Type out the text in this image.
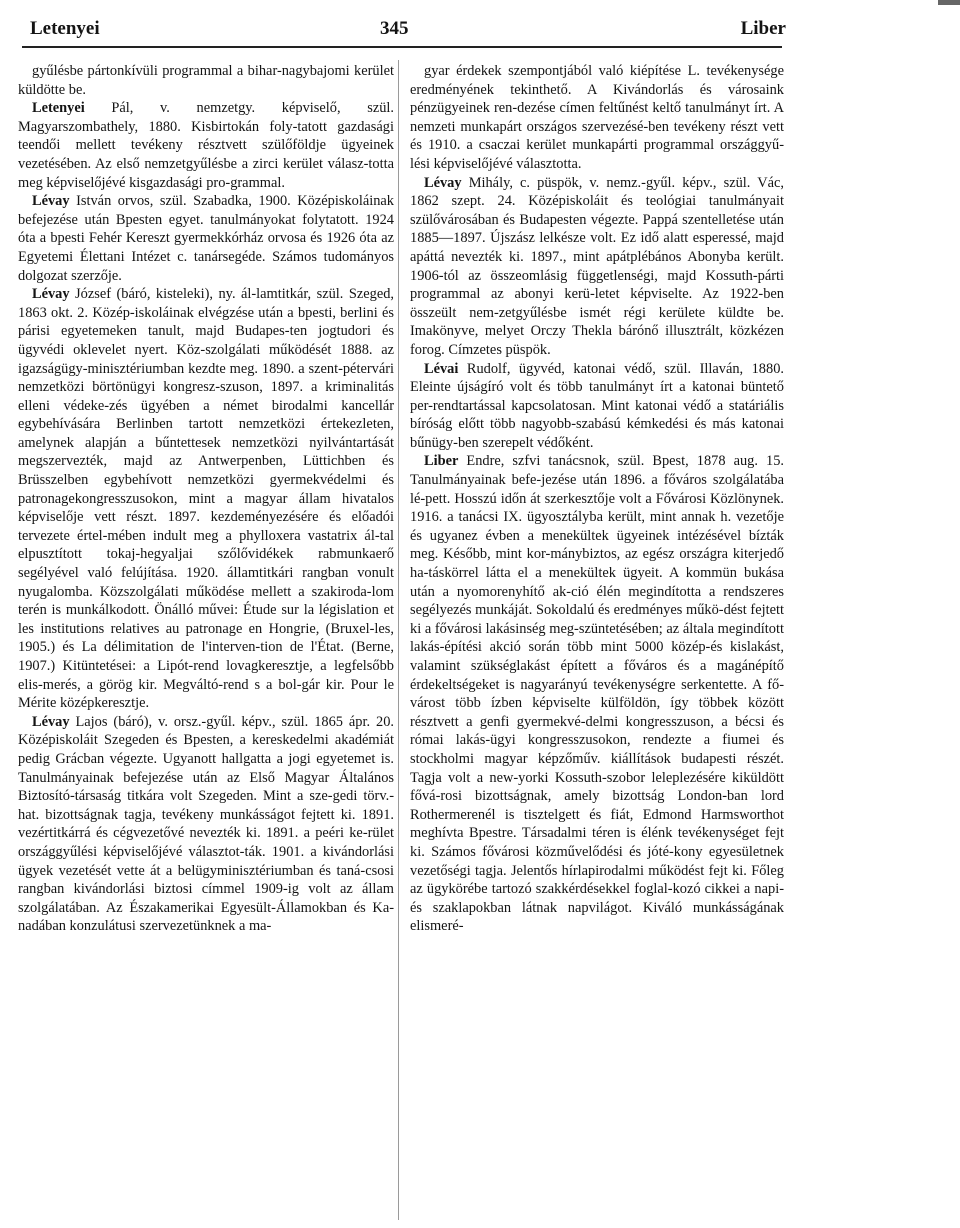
Letenyei	345	Liber

gyűlésbe pártonkívüli programmal a bihar-nagybajomi kerület küldötte be.

Letenyei Pál, v. nemzetgy. képviselő, szül. Magyarszombathely, 1880. Kisbirtokán foly-tatott gazdasági teendői mellett tevékeny résztvett szülőföldje ügyeinek vezetésében. Az első nemzetgyűlésbe a zirci kerület válasz-totta meg képviselőjévé kisgazdasági pro-grammal.

Lévay István orvos, szül. Szabadka, 1900. Középiskoláinak befejezése után Bpesten egyet. tanulmányokat folytatott. 1924 óta a bpesti Fehér Kereszt gyermekkórház orvosa és 1926 óta az Egyetemi Élettani Intézet c. tanársegéde. Számos tudományos dolgozat szerzője.

Lévay József (báró, kisteleki), ny. ál-lamtitkár, szül. Szeged, 1863 okt. 2. Közép-iskoláinak elvégzése után a bpesti, berlini és párisi egyetemeken tanult, majd Budapes-ten jogtudori és ügyvédi oklevelet nyert. Köz-szolgálati működését 1888. az igazságügy-minisztériumban kezdte meg. 1890. a szent-pétervári nemzetközi börtönügyi kongresz-szuson, 1897. a kriminalitás elleni védeke-zés ügyében a német birodalmi kancellár egybehívására Berlinben tartott nemzetközi értekezleten, amelynek alapján a bűntettesek nemzetközi nyilvántartását megszervezték, majd az Antwerpenben, Lüttichben és Brüsszelben egybehívott nemzetközi gyermekvédelmi és patronagekongresszusokon, mint a magyar állam hivatalos képviselője vett részt. 1897. kezdeményezésére és előadói tervezete értel-mében indult meg a phylloxera vastatrix ál-tal elpusztított tokaj-hegyaljai szőlővidékek rabmunkaerő segélyével való felújítása. 1920. államtitkári rangban vonult nyugalomba. Közszolgálati működése mellett a szakiroda-lom terén is munkálkodott. Önálló művei: Étude sur la législation et les institutions relatives au patronage en Hongrie, (Bruxel-les, 1905.) és La délimitation de l'interven-tion de l'État. (Berne, 1907.) Kitüntetései: a Lipót-rend lovagkeresztje, a legfelsőbb elis-merés, a görög kir. Megváltó-rend s a bol-gár kir. Pour le Mérite középkeresztje.

Lévay Lajos (báró), v. orsz.-gyűl. képv., szül. 1865 ápr. 20. Középiskoláit Szegeden és Bpesten, a kereskedelmi akadémiát pedig Grácban végezte. Ugyanott hallgatta a jogi egyetemet is. Tanulmányainak befejezése után az Első Magyar Általános Biztosító-társaság titkára volt Szegeden. Mint a sze-gedi törv.-hat. bizottságnak tagja, tevékeny munkásságot fejtett ki. 1891. vezértitkárrá és cégvezetővé nevezték ki. 1891. a peéri ke-rület országgyűlési képviselőjévé választot-ták. 1901. a kivándorlási ügyek vezetését vette át a belügyminisztériumban és taná-csosi rangban kivándorlási biztosi címmel 1909-ig volt az állam szolgálatában. Az Északamerikai Egyesült-Államokban és Ka-nadában konzulátusi szervezetünknek a ma-

gyar érdekek szempontjából való kiépítése L. tevékenysége eredményének tekinthető. A Kivándorlás és városaink pénzügyeinek ren-dezése címen feltűnést keltő tanulmányt írt. A nemzeti munkapárt országos szervezésé-ben tevékeny részt vett és 1910. a csaczai kerület munkapárti programmal országgyű-lési képviselőjévé választotta.

Lévay Mihály, c. püspök, v. nemz.-gyűl. képv., szül. Vác, 1862 szept. 24. Középiskoláit és teológiai tanulmányait szülővárosában és Budapesten végezte. Pappá szentelletése után 1885—1897. Újszász lelkésze volt. Ez idő alatt esperessé, majd apáttá nevezték ki. 1897., mint apátplébános Abonyba került. 1906-tól az összeomlásig függetlenségi, majd Kossuth-párti programmal az abonyi kerü-letet képviselte. Az 1922-ben összeült nem-zetgyűlésbe ismét régi kerülete küldte be. Imakönyve, melyet Orczy Thekla bárónő illusztrált, közkézen forog. Címzetes püspök.

Lévai Rudolf, ügyvéd, katonai védő, szül. Illaván, 1880. Eleinte újságíró volt és több tanulmányt írt a katonai büntető per-rendtartással kapcsolatosan. Mint katonai védő a statáriális bíróság előtt több nagyobb-szabású kémkedési és más katonai bűnügy-ben szerepelt védőként.

Liber Endre, szfvi tanácsnok, szül. Bpest, 1878 aug. 15. Tanulmányainak befe-jezése után 1896. a főváros szolgálatába lé-pett. Hosszú időn át szerkesztője volt a Fővárosi Közlönynek. 1916. a tanácsi IX. ügyosztályba került, mint annak h. vezetője és ugyanez évben a menekültek ügyeinek intézésével bízták meg. Később, mint kor-mánybiztos, az egész országra kiterjedő ha-táskörrel látta el a menekültek ügyeit. A kommün bukása után a nyomorenyhítő ak-ció élén megindította a rendszeres segélyezés munkáját. Sokoldalú és eredményes műkö-dést fejtett ki a fővárosi lakásinség meg-szüntetésében; az általa megindított lakás-építési akció során több mint 5000 közép-és kislakást, valamint szükséglakást épített a főváros és a magánépítő érdekeltségeket is nagyarányú tevékenységre serkentette. A fő-várost több ízben képviselte külföldön, így többek között résztvett a genfi gyermekvé-delmi kongresszuson, a bécsi és római lakás-ügyi kongresszusokon, rendezte a fiumei és stockholmi magyar képzőműv. kiállítások budapesti részét. Tagja volt a new-yorki Kossuth-szobor leleplezésére kiküldött fővá-rosi bizottságnak, amely bizottság London-ban lord Rothermerenél is tisztelgett és fiát, Edmond Harmsworthot meghívta Bpestre. Társadalmi téren is élénk tevékenységet fejt ki. Számos fővárosi közművelődési és jóté-kony egyesületnek vezetőségi tagja. Jelentős hírlapirodalmi működést fejt ki. Főleg az ügykörébe tartozó szakkérdésekkel foglal-kozó cikkei a napi- és szaklapokban látnak napvilágot. Kiváló munkásságának elismeré-
